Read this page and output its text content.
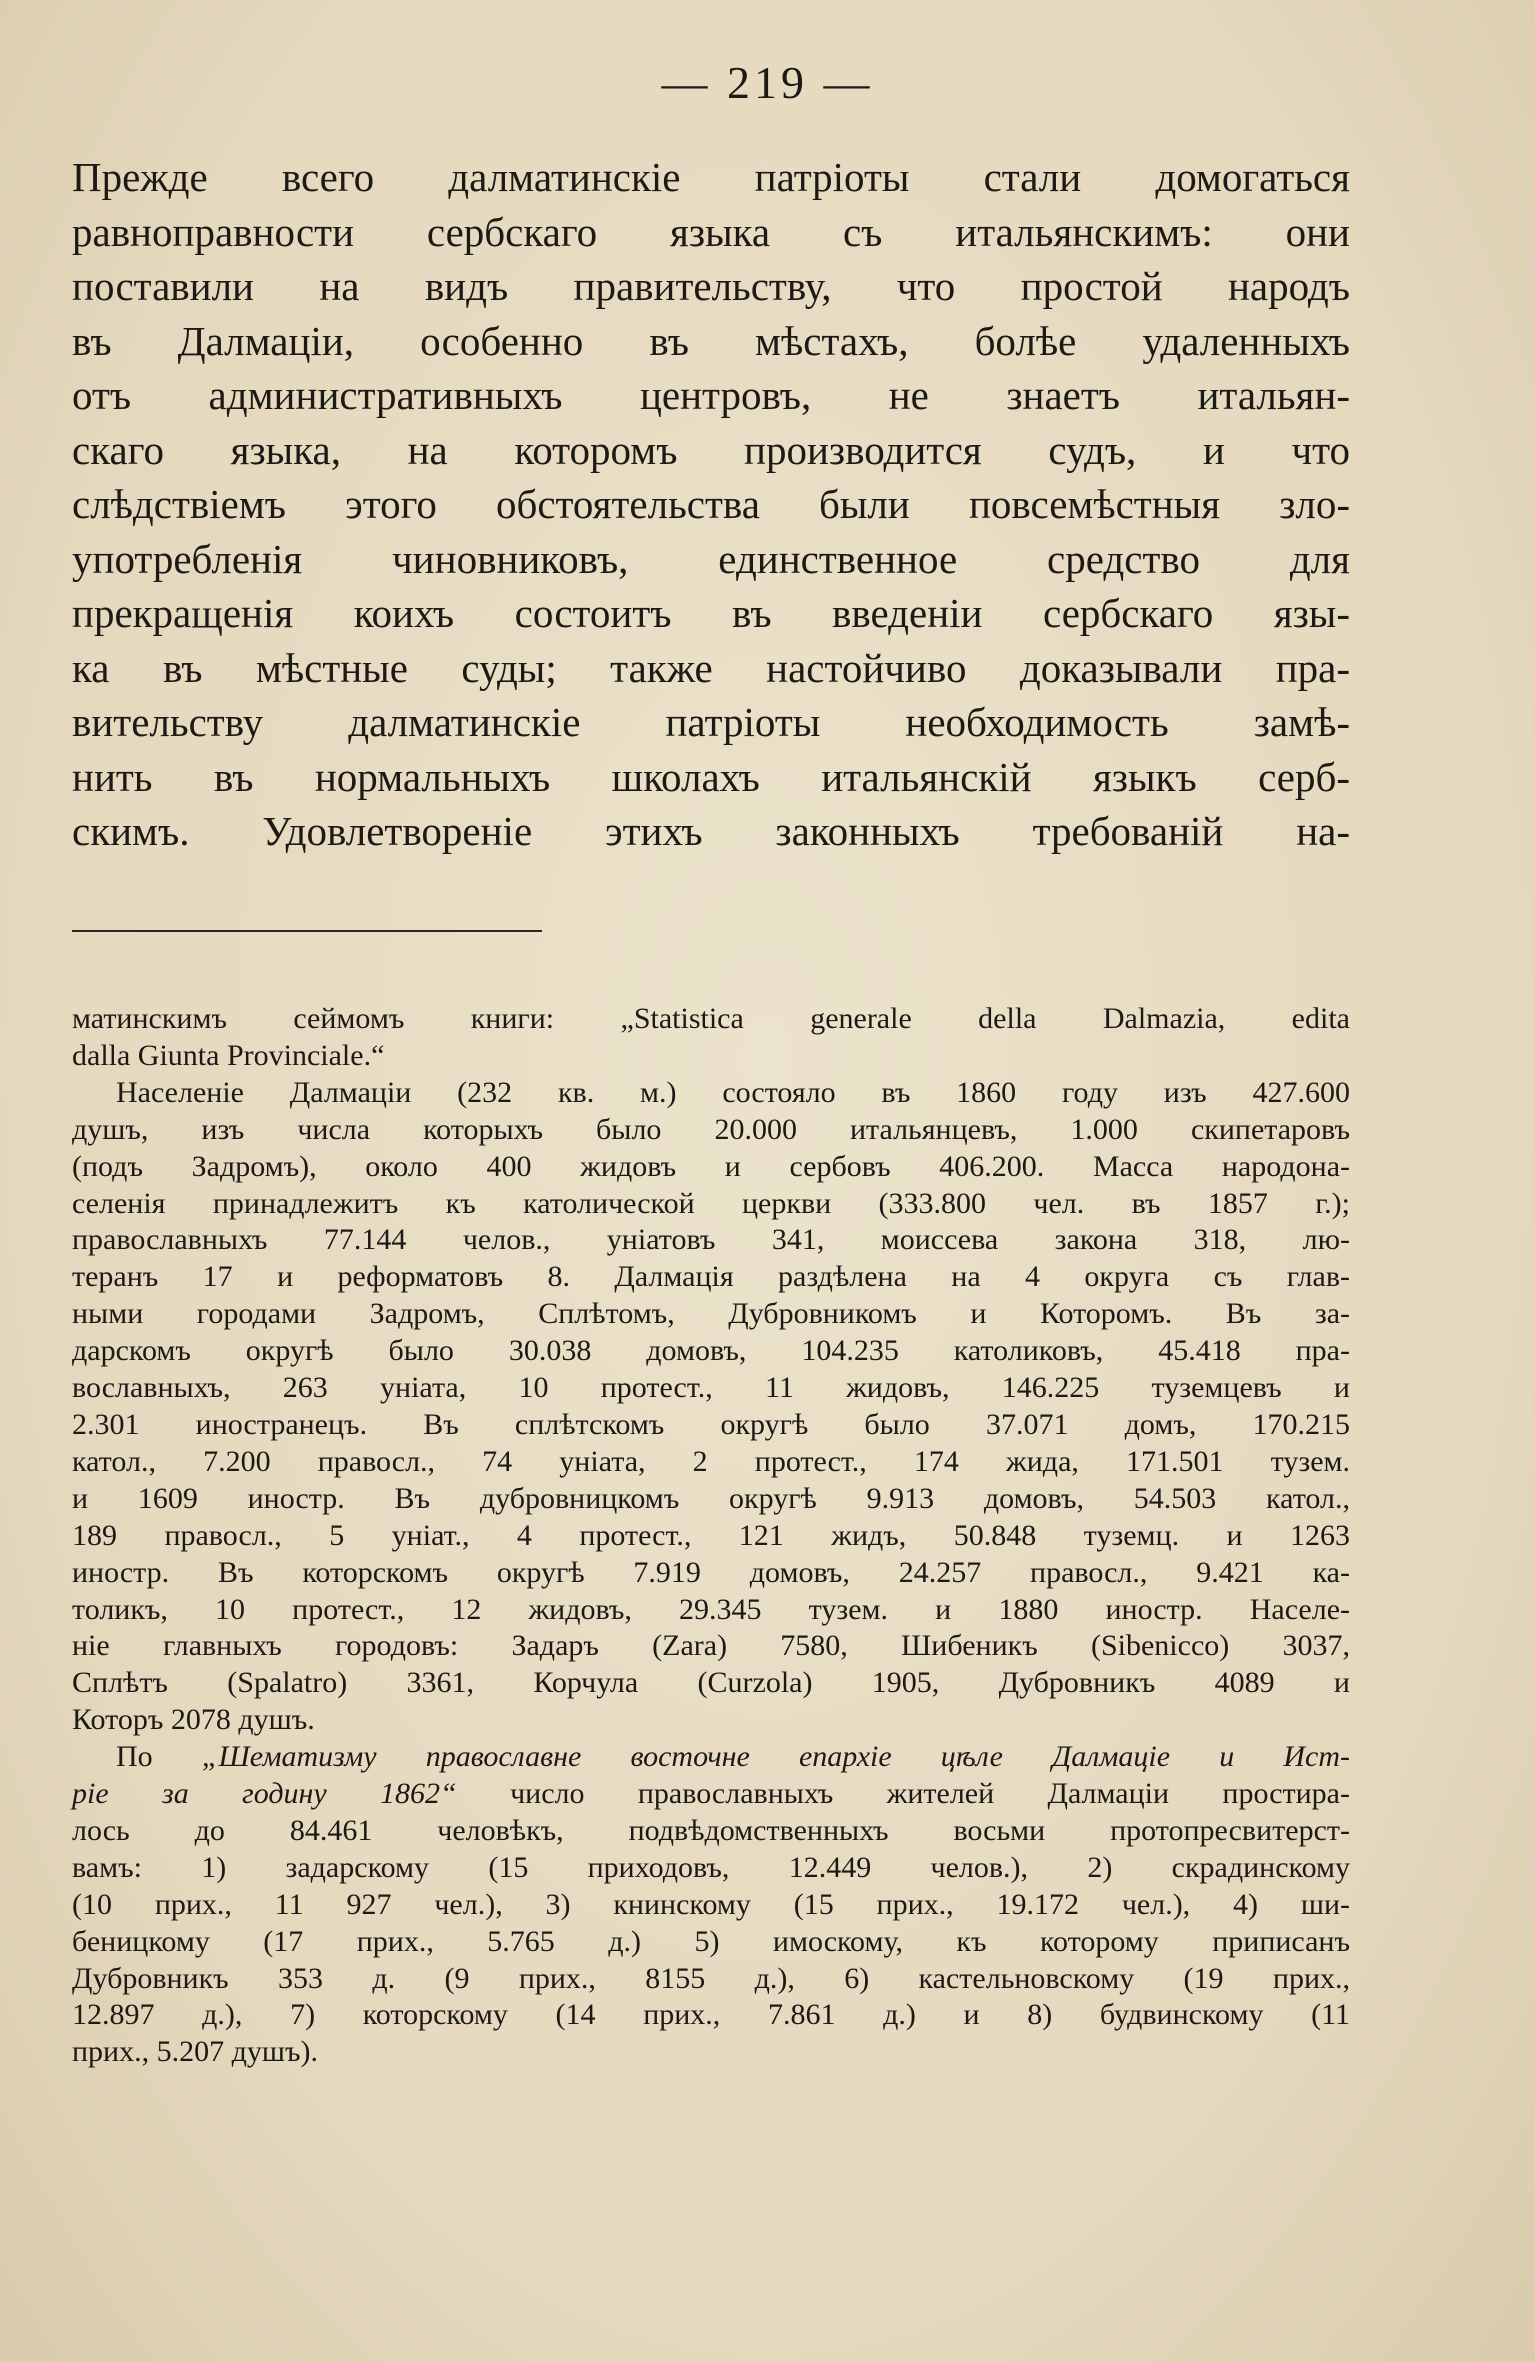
— 219 —
Прежде всего далматинскіе патріоты стали домогаться
равноправности сербскаго языка съ итальянскимъ: они
поставили на видъ правительству, что простой народъ
въ Далмаціи, особенно въ мѣстахъ, болѣе удаленныхъ
отъ административныхъ центровъ, не знаетъ итальян-
скаго языка, на которомъ производится судъ, и что
слѣдствіемъ этого обстоятельства были повсемѣстныя зло-
употребленія чиновниковъ, единственное средство для
прекращенія коихъ состоитъ въ введеніи сербскаго язы-
ка въ мѣстные суды; также настойчиво доказывали пра-
вительству далматинскіе патріоты необходимость замѣ-
нить въ нормальныхъ школахъ итальянскій языкъ серб-
скимъ. Удовлетвореніе этихъ законныхъ требованій на-
матинскимъ сеймомъ книги: „Statistica generale della Dalmazia, edita
dalla Giunta Provinciale.“
Населеніе Далмаціи (232 кв. м.) состояло въ 1860 году изъ 427.600
душъ, изъ числа которыхъ было 20.000 итальянцевъ, 1.000 скипетаровъ
(подъ Задромъ), около 400 жидовъ и сербовъ 406.200. Масса народона-
селенія принадлежитъ къ католической церкви (333.800 чел. въ 1857 г.);
православныхъ 77.144 челов., уніатовъ 341, моиссева закона 318, лю-
теранъ 17 и реформатовъ 8. Далмація раздѣлена на 4 округа съ глав-
ными городами Задромъ, Сплѣтомъ, Дубровникомъ и Которомъ. Въ за-
дарскомъ округѣ было 30.038 домовъ, 104.235 католиковъ, 45.418 пра-
вославныхъ, 263 уніата, 10 протест., 11 жидовъ, 146.225 туземцевъ и
2.301 иностранецъ. Въ сплѣтскомъ округѣ было 37.071 домъ, 170.215
катол., 7.200 правосл., 74 уніата, 2 протест., 174 жида, 171.501 тузем.
и 1609 иностр. Въ дубровницкомъ округѣ 9.913 домовъ, 54.503 катол.,
189 правосл., 5 уніат., 4 протест., 121 жидъ, 50.848 туземц. и 1263
иностр. Въ которскомъ округѣ 7.919 домовъ, 24.257 правосл., 9.421 ка-
толикъ, 10 протест., 12 жидовъ, 29.345 тузем. и 1880 иностр. Населе-
ніе главныхъ городовъ: Задаръ (Zara) 7580, Шибеникъ (Sibeniсco) 3037,
Сплѣтъ (Spalatro) 3361, Корчула (Curzola) 1905, Дубровникъ 4089 и
Которъ 2078 душъ.
По „Шематизму православне восточне епархіе цѣле Далмаціе и Ист-
ріе за годину 1862“ число православныхъ жителей Далмаціи простира-
лось до 84.461 человѣкъ, подвѣдомственныхъ восьми протопресвитерст-
вамъ: 1) задарскому (15 приходовъ, 12.449 челов.), 2) скрадинскому
(10 прих., 11 927 чел.), 3) книнскому (15 прих., 19.172 чел.), 4) ши-
беницкому (17 прих., 5.765 д.) 5) имоскому, къ которому приписанъ
Дубровникъ 353 д. (9 прих., 8155 д.), 6) кастельновскому (19 прих.,
12.897 д.), 7) которскому (14 прих., 7.861 д.) и 8) будвинскому (11
прих., 5.207 душъ).
